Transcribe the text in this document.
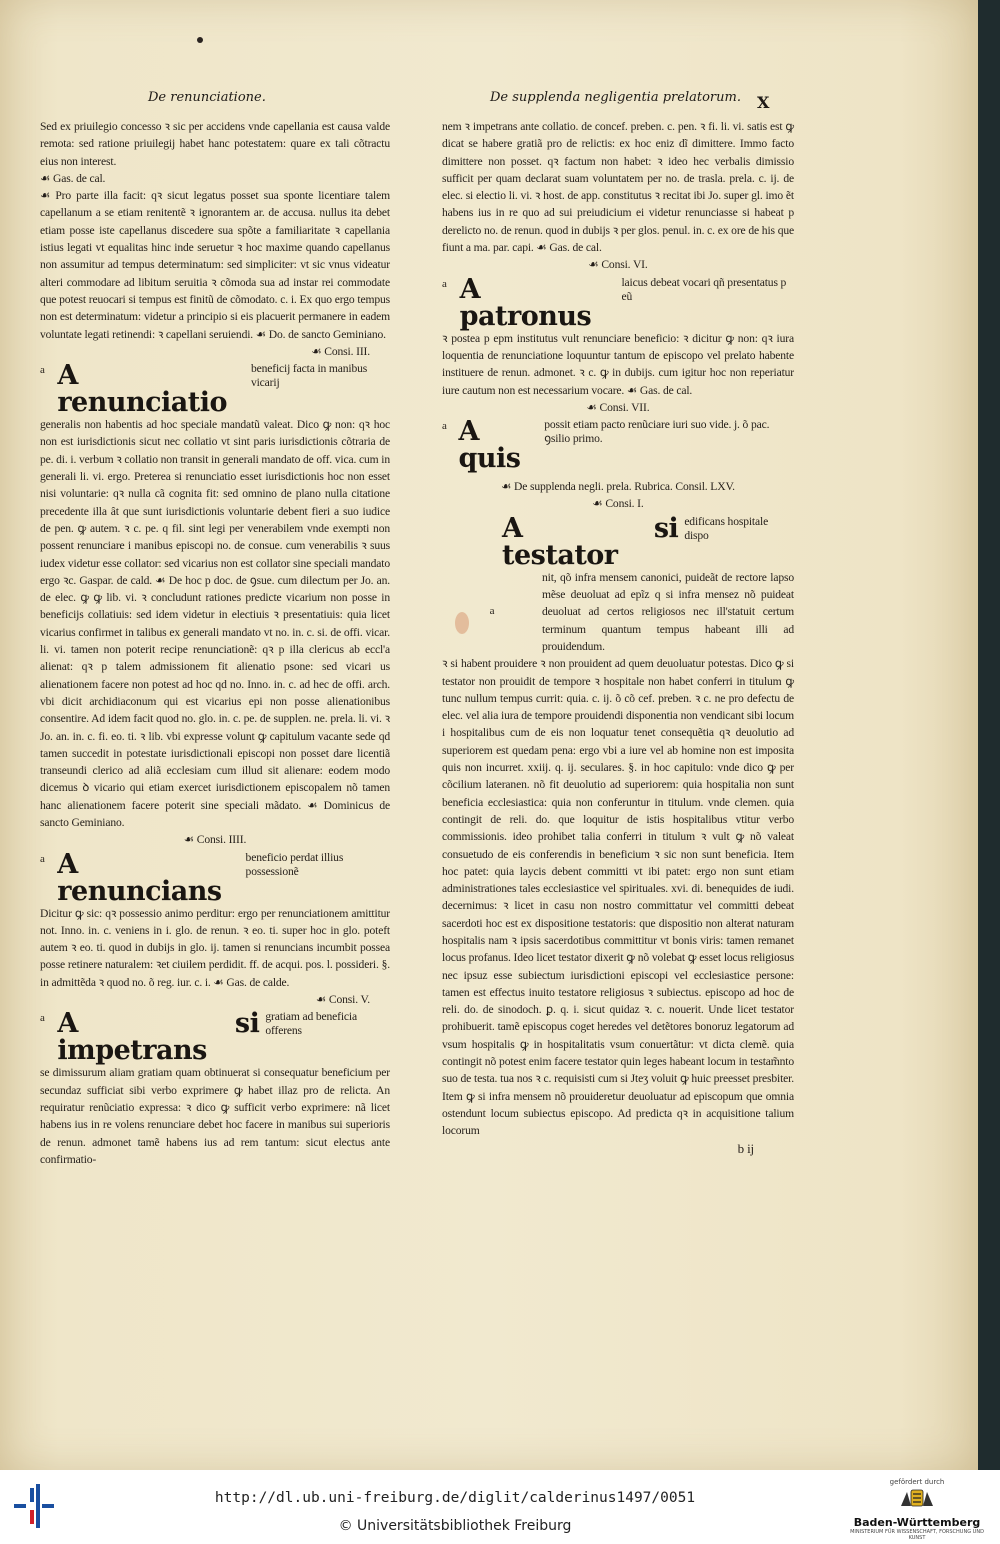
De renunciatione.	De supplenda negligentia prelatorum. X

Sed ex priuilegio concesso ꝛ sic per accidens vnde capellania est causa valde remota: sed ratione priuilegij habet hanc potestatem: quare ex tali cõtractu eius non interest.

☙ Gas. de cal.

☙ Pro parte illa facit: qꝛ sicut legatus posset sua sponte licentiare talem capellanum a se etiam renitentẽ ꝛ ignorantem ar. de accusa. nullus ita debet etiam posse iste capellanus discedere sua spõte a familiaritate ꝛ capellania istius legati vt equalitas hinc inde seruetur ꝛ hoc maxime quando capellanus non assumitur ad tempus determinatum: sed simpliciter: vt sic vnus videatur alteri commodare ad libitum seruitia ꝛ cõmoda sua ad instar rei commodate que potest reuocari si tempus est finitũ de cõmodato. c. i. Ex quo ergo tempus non est determinatum: videtur a principio si eis placuerit permanere in eadem voluntate legati retinendi: ꝛ capellani seruiendi. ☙ Do. de sancto Geminiano.

☙ Consi. III.

a A renunciatio
beneficij facta in manibus vicarij

generalis non habentis ad hoc speciale mandatũ valeat. Dico ꝙ non: qꝛ hoc non est iurisdictionis sicut nec collatio vt sint paris iurisdictionis cõtraria de pe. di. i. verbum ꝛ collatio non transit in generali mandato de off. vica. cum in generali li. vi. ergo. Preterea si renunciatio esset iurisdictionis hoc non esset nisi voluntarie: qꝛ nulla cã cognita fit: sed omnino de plano nulla citatione precedente illa ât que sunt iurisdictionis voluntarie debent fieri a suo iudice de pen. ꝙ autem. ꝛ c. pe. q fil. sint legi per venerabilem vnde exempti non possent renunciare i manibus episcopi no. de consue. cum venerabilis ꝛ suus iudex videtur esse collator: sed vicarius non est collator sine speciali mandato ergo ꝛc. Gaspar. de cald. ☙ De hoc p doc. de ꝯsue. cum dilectum per Jo. an. de elec. ꝙ ꝙ lib. vi. ꝛ concludunt rationes predicte vicarium non posse in beneficijs collatiuis: sed idem videtur in electiuis ꝛ presentatiuis: quia licet vicarius confirmet in talibus ex generali mandato vt no. in. c. si. de offi. vicar. li. vi. tamen non poterit recipe renunciationẽ: qꝛ p illa clericus ab eccl'a alienat: qꝛ p talem admissionem fit alienatio psone: sed vicari us alienationem facere non potest ad hoc qd no. Inno. in. c. ad hec de offi. arch. vbi dicit archidiaconum qui est vicarius epi non posse alienationibus consentire. Ad idem facit quod no. glo. in. c. pe. de supplen. ne. prela. li. vi. ꝛ Jo. an. in. c. fi. eo. ti. ꝛ lib. vbi expresse volunt ꝙ capitulum vacante sede qd tamen succedit in potestate iurisdictionali episcopi non posset dare licentiã transeundi clerico ad aliã ecclesiam cum illud sit alienare: eodem modo dicemus ꝺ vicario qui etiam exercet iurisdictionem episcopalem nõ tamen hanc alienationem facere poterit sine speciali mãdato. ☙ Dominicus de sancto Geminiano.

☙ Consi. IIII.

a A renuncians
beneficio perdat illius possessionẽ

Dicitur ꝙ sic: qꝛ possessio animo perditur: ergo per renunciationem amittitur not. Inno. in. c. veniens in i. glo. de renun. ꝛ eo. ti. super hoc in glo. poteft autem ꝛ eo. ti. quod in dubijs in glo. ij. tamen si renuncians incumbit possea posse retinere naturalem: ꝛet ciuilem perdidit. ff. de acqui. pos. l. possideri. §. in admittẽda ꝛ quod no. õ reg. iur. c. i. ☙ Gas. de calde.

☙ Consi. V.

a A si impetrans
gratiam ad beneficia offerens

se dimissurum aliam gratiam quam obtinuerat si consequatur beneficium per secundaz sufficiat sibi verbo exprimere ꝙ habet illaz pro de relicta. An requiratur renũciatio expressa: ꝛ dico ꝙ sufficit verbo exprimere: nã licet habens ius in re volens renunciare debet hoc facere in manibus sui superioris de renun. admonet tamẽ habens ius ad rem tantum: sicut electus ante confirmatio-

nem ꝛ impetrans ante collatio. de concef. preben. c. pen. ꝛ fi. li. vi. satis est ꝙ dicat se habere gratiã pro de relictis: ex hoc eniz dĩ dimittere. Immo facto dimittere non posset. qꝛ factum non habet: ꝛ ideo hec verbalis dimissio sufficit per quam declarat suam voluntatem per no. de trasla. prela. c. ij. de elec. si electio li. vi. ꝛ host. de app. constitutus ꝛ recitat ibi Jo. super gl. imo ẽt habens ius in re quo ad sui preiudicium ei videtur renunciasse si habeat p derelicto no. de renun. quod in dubijs ꝛ per glos. penul. in. c. ex ore de his que fiunt a ma. par. capi. ☙ Gas. de cal.

☙ Consi. VI.

a A patronus
laicus debeat vocari qñ presentatus p eũ

ꝛ postea p epm institutus vult renunciare beneficio: ꝛ dicitur ꝙ non: qꝛ iura loquentia de renunciatione loquuntur tantum de episcopo vel prelato habente instituere de renun. admonet. ꝛ c. ꝙ in dubijs. cum igitur hoc non reperiatur iure cautum non est necessarium vocare. ☙ Gas. de cal.

☙ Consi. VII.

a A quis
possit etiam pacto renũciare iuri suo vide. j. õ pac. ꝯsilio primo.

☙ De supplenda negli. prela. Rubrica. Consil. LXV.

☙ Consi. I.

A si testator
edificans hospitale dispo
a

nit, qõ infra mensem canonici, puideãt de rectore lapso mẽse deuoluat ad epĩz q si infra mensez nõ puideat deuoluat ad certos religiosos nec ill'statuit certum terminum quantum tempus habeant illi ad prouidendum.

ꝛ si habent prouidere ꝛ non prouident ad quem deuoluatur potestas. Dico ꝙ si testator non prouidit de tempore ꝛ hospitale non habet conferri in titulum ꝙ tunc nullum tempus currit: quia. c. ij. õ cõ cef. preben. ꝛ c. ne pro defectu de elec. vel alia iura de tempore prouidendi disponentia non vendicant sibi locum i hospitalibus cum de eis non loquatur tenet consequẽtia qꝛ deuolutio ad superiorem est quedam pena: ergo vbi a iure vel ab homine non est imposita quis non incurret. xxiij. q. ij. seculares. §. in hoc capitulo: vnde dico ꝙ per cõcilium lateranen. nõ fit deuolutio ad superiorem: quia hospitalia non sunt beneficia ecclesiastica: quia non conferuntur in titulum. vnde clemen. quia contingit de reli. do. que loquitur de istis hospitalibus vtitur verbo commissionis. ideo prohibet talia conferri in titulum ꝛ vult ꝙ nõ valeat consuetudo de eis conferendis in beneficium ꝛ sic non sunt beneficia. Item hoc patet: quia laycis debent committi vt ibi patet: ergo non sunt etiam administrationes tales ecclesiastice vel spirituales. xvi. di. benequides de iudi. decernimus: ꝛ licet in casu non nostro committatur vel committi debeat sacerdoti hoc est ex dispositione testatoris: que dispositio non alterat naturam hospitalis nam ꝛ ipsis sacerdotibus committitur vt bonis viris: tamen remanet locus profanus. Ideo licet testator dixerit ꝙ nõ volebat ꝙ esset locus religiosus nec ipsuz esse subiectum iurisdictioni episcopi vel ecclesiastice persone: tamen est effectus inuito testatore religiosus ꝛ subiectus. episcopo ad hoc de reli. do. de sinodoch. ꝑ. q. i. sicut quidaz ꝛ. c. nouerit. Unde licet testator prohibuerit. tamẽ episcopus coget heredes vel detẽtores bonoruz legatorum ad vsum hospitalis ꝙ in hospitalitatis vsum conuertãtur: vt dicta clemẽ. quia contingit nõ potest enim facere testator quin leges habeant locum in testam̃nto suo de testa. tua nos ꝛ c. requisisti cum si Jteʒ voluit ꝙ huic preesset presbiter. Item ꝙ si infra mensem nõ prouideretur deuoluatur ad episcopum que omnia ostendunt locum subiectus episcopo. Ad predicta qꝛ in acquisitione talium locorum

b ij

http://dl.ub.uni-freiburg.de/diglit/calderinus1497/0051
© Universitätsbibliothek Freiburg
gefördert durch
Baden-Württemberg
MINISTERIUM FÜR WISSENSCHAFT, FORSCHUNG UND KUNST
